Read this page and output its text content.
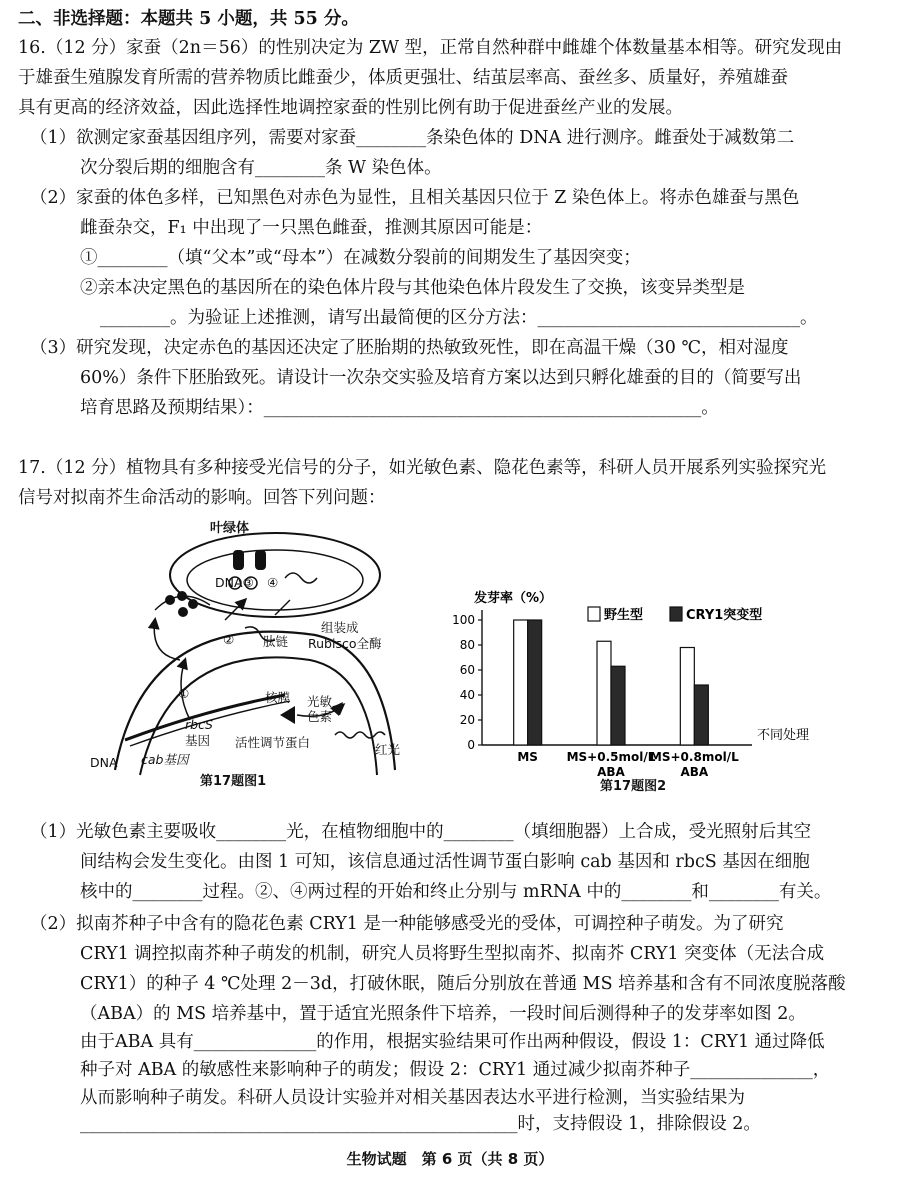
二、非选择题：本题共 5 小题，共 55 分。
16.（12 分）家蚕（2n＝56）的性别决定为 ZW 型，正常自然种群中雌雄个体数量基本相等。研究发现由
于雄蚕生殖腺发育所需的营养物质比雌蚕少，体质更强壮、结茧层率高、蚕丝多、质量好，养殖雄蚕
具有更高的经济效益，因此选择性地调控家蚕的性别比例有助于促进蚕丝产业的发展。
（1）欲测定家蚕基因组序列，需要对家蚕________条染色体的 DNA 进行测序。雌蚕处于减数第二
次分裂后期的细胞含有________条 W 染色体。
（2）家蚕的体色多样，已知黑色对赤色为显性，且相关基因只位于 Z 染色体上。将赤色雄蚕与黑色
雌蚕杂交，F₁ 中出现了一只黑色雌蚕，推测其原因可能是：
①________（填“父本”或“母本”）在减数分裂前的间期发生了基因突变；
②亲本决定黑色的基因所在的染色体片段与其他染色体片段发生了交换，该变异类型是
________。为验证上述推测，请写出最简便的区分方法：______________________________。
（3）研究发现，决定赤色的基因还决定了胚胎期的热敏致死性，即在高温干燥（30 ℃，相对湿度
60%）条件下胚胎致死。请设计一次杂交实验及培育方案以达到只孵化雄蚕的目的（简要写出
培育思路及预期结果）：__________________________________________________。
17.（12 分）植物具有多种接受光信号的分子，如光敏色素、隐花色素等，科研人员开展系列实验探究光
信号对拟南芥生命活动的影响。回答下列问题：
叶绿体
DNA③ ④
组装成
Rubisco全酶
② 肽链
①	核膜 光敏
色素
rbcS
基因 活性调节蛋白
DNA cab基因
红光
第17题图1
发芽率（%）
0
20
40
60
80
100
MS MS+0.5mol/L
ABA
MS+0.8mol/L
ABA
不同处理
野生型	CRY1突变型
第17题图2
（1）光敏色素主要吸收________光，在植物细胞中的________（填细胞器）上合成，受光照射后其空
间结构会发生变化。由图 1 可知，该信息通过活性调节蛋白影响 cab 基因和 rbcS 基因在细胞
核中的________过程。②、④两过程的开始和终止分别与 mRNA 中的________和________有关。
（2）拟南芥种子中含有的隐花色素 CRY1 是一种能够感受光的受体，可调控种子萌发。为了研究
CRY1 调控拟南芥种子萌发的机制，研究人员将野生型拟南芥、拟南芥 CRY1 突变体（无法合成
CRY1）的种子 4 ℃处理 2－3d，打破休眠，随后分别放在普通 MS 培养基和含有不同浓度脱落酸
（ABA）的 MS 培养基中，置于适宜光照条件下培养，一段时间后测得种子的发芽率如图 2。
由于ABA 具有______________的作用，根据实验结果可作出两种假设，假设 1：CRY1 通过降低
种子对 ABA 的敏感性来影响种子的萌发；假设 2：CRY1 通过减少拟南芥种子______________，
从而影响种子萌发。科研人员设计实验并对相关基因表达水平进行检测，当实验结果为
生物试题　第 6 页（共 8 页）
__________________________________________________时，支持假设 1，排除假设 2。
